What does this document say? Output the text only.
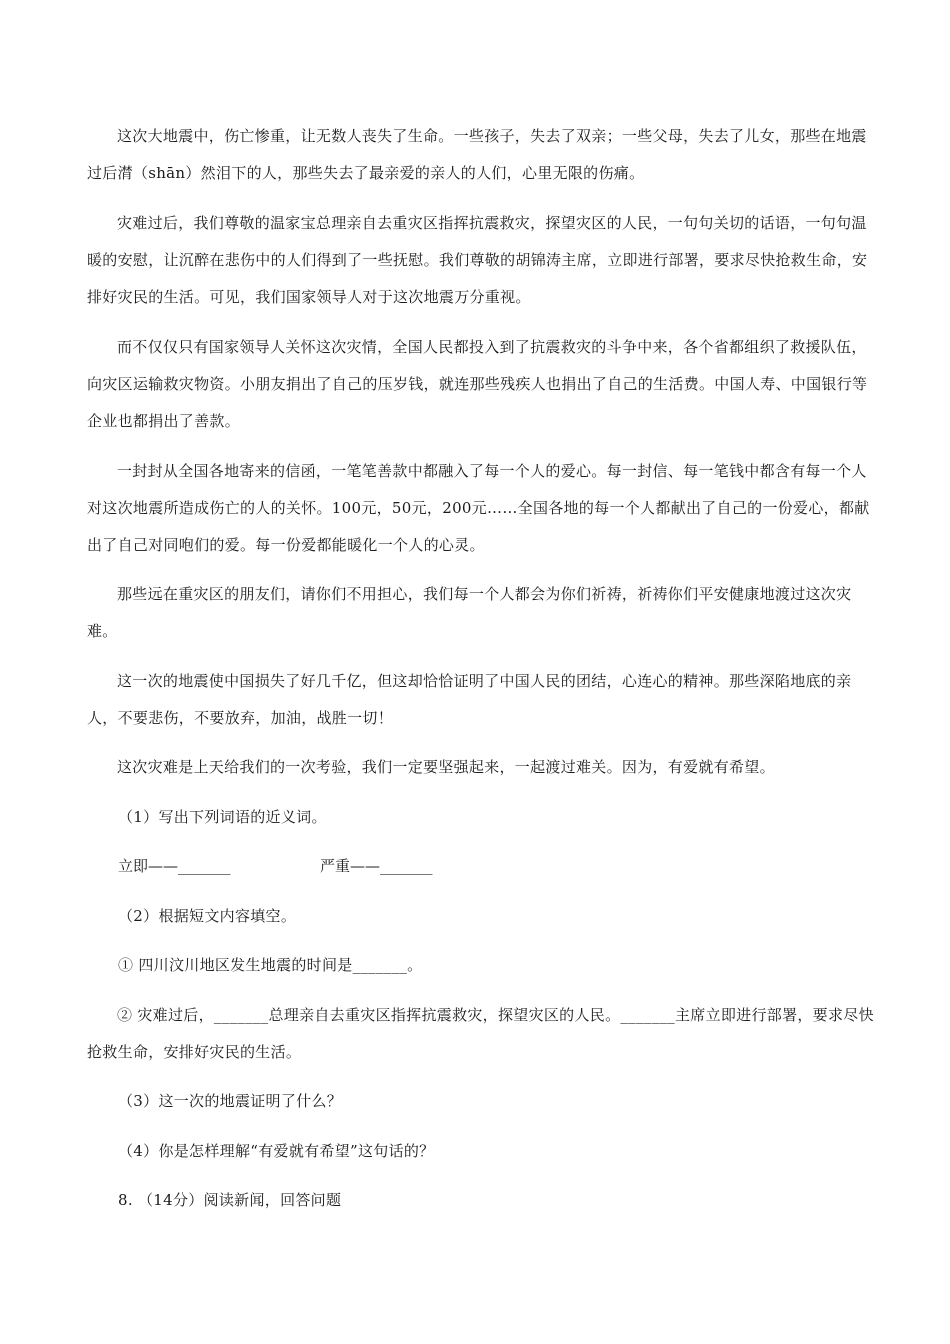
这次大地震中，伤亡惨重，让无数人丧失了生命。一些孩子，失去了双亲；一些父母，失去了儿女，那些在地震过后潸（shān）然泪下的人，那些失去了最亲爱的亲人的人们，心里无限的伤痛。

灾难过后，我们尊敬的温家宝总理亲自去重灾区指挥抗震救灾，探望灾区的人民，一句句关切的话语，一句句温暖的安慰，让沉醉在悲伤中的人们得到了一些抚慰。我们尊敬的胡锦涛主席，立即进行部署，要求尽快抢救生命，安排好灾民的生活。可见，我们国家领导人对于这次地震万分重视。

而不仅仅只有国家领导人关怀这次灾情，全国人民都投入到了抗震救灾的斗争中来，各个省都组织了救援队伍，向灾区运输救灾物资。小朋友捐出了自己的压岁钱，就连那些残疾人也捐出了自己的生活费。中国人寿、中国银行等企业也都捐出了善款。

一封封从全国各地寄来的信函，一笔笔善款中都融入了每一个人的爱心。每一封信、每一笔钱中都含有每一个人对这次地震所造成伤亡的人的关怀。100元，50元，200元……全国各地的每一个人都献出了自己的一份爱心，都献出了自己对同咆们的爱。每一份爱都能暖化一个人的心灵。

那些远在重灾区的朋友们，请你们不用担心，我们每一个人都会为你们祈祷，祈祷你们平安健康地渡过这次灾难。

这一次的地震使中国损失了好几千亿，但这却恰恰证明了中国人民的团结，心连心的精神。那些深陷地底的亲人，不要悲伤，不要放弃，加油，战胜一切！

这次灾难是上天给我们的一次考验，我们一定要坚强起来，一起渡过难关。因为，有爱就有希望。

（1）写出下列词语的近义词。

立即——_______	严重——_______

（2）根据短文内容填空。

① 四川汶川地区发生地震的时间是_______。

② 灾难过后，_______总理亲自去重灾区指挥抗震救灾，探望灾区的人民。_______主席立即进行部署，要求尽快抢救生命，安排好灾民的生活。

（3）这一次的地震证明了什么？

（4）你是怎样理解“有爱就有希望”这句话的？

8. （14分）阅读新闻，回答问题
